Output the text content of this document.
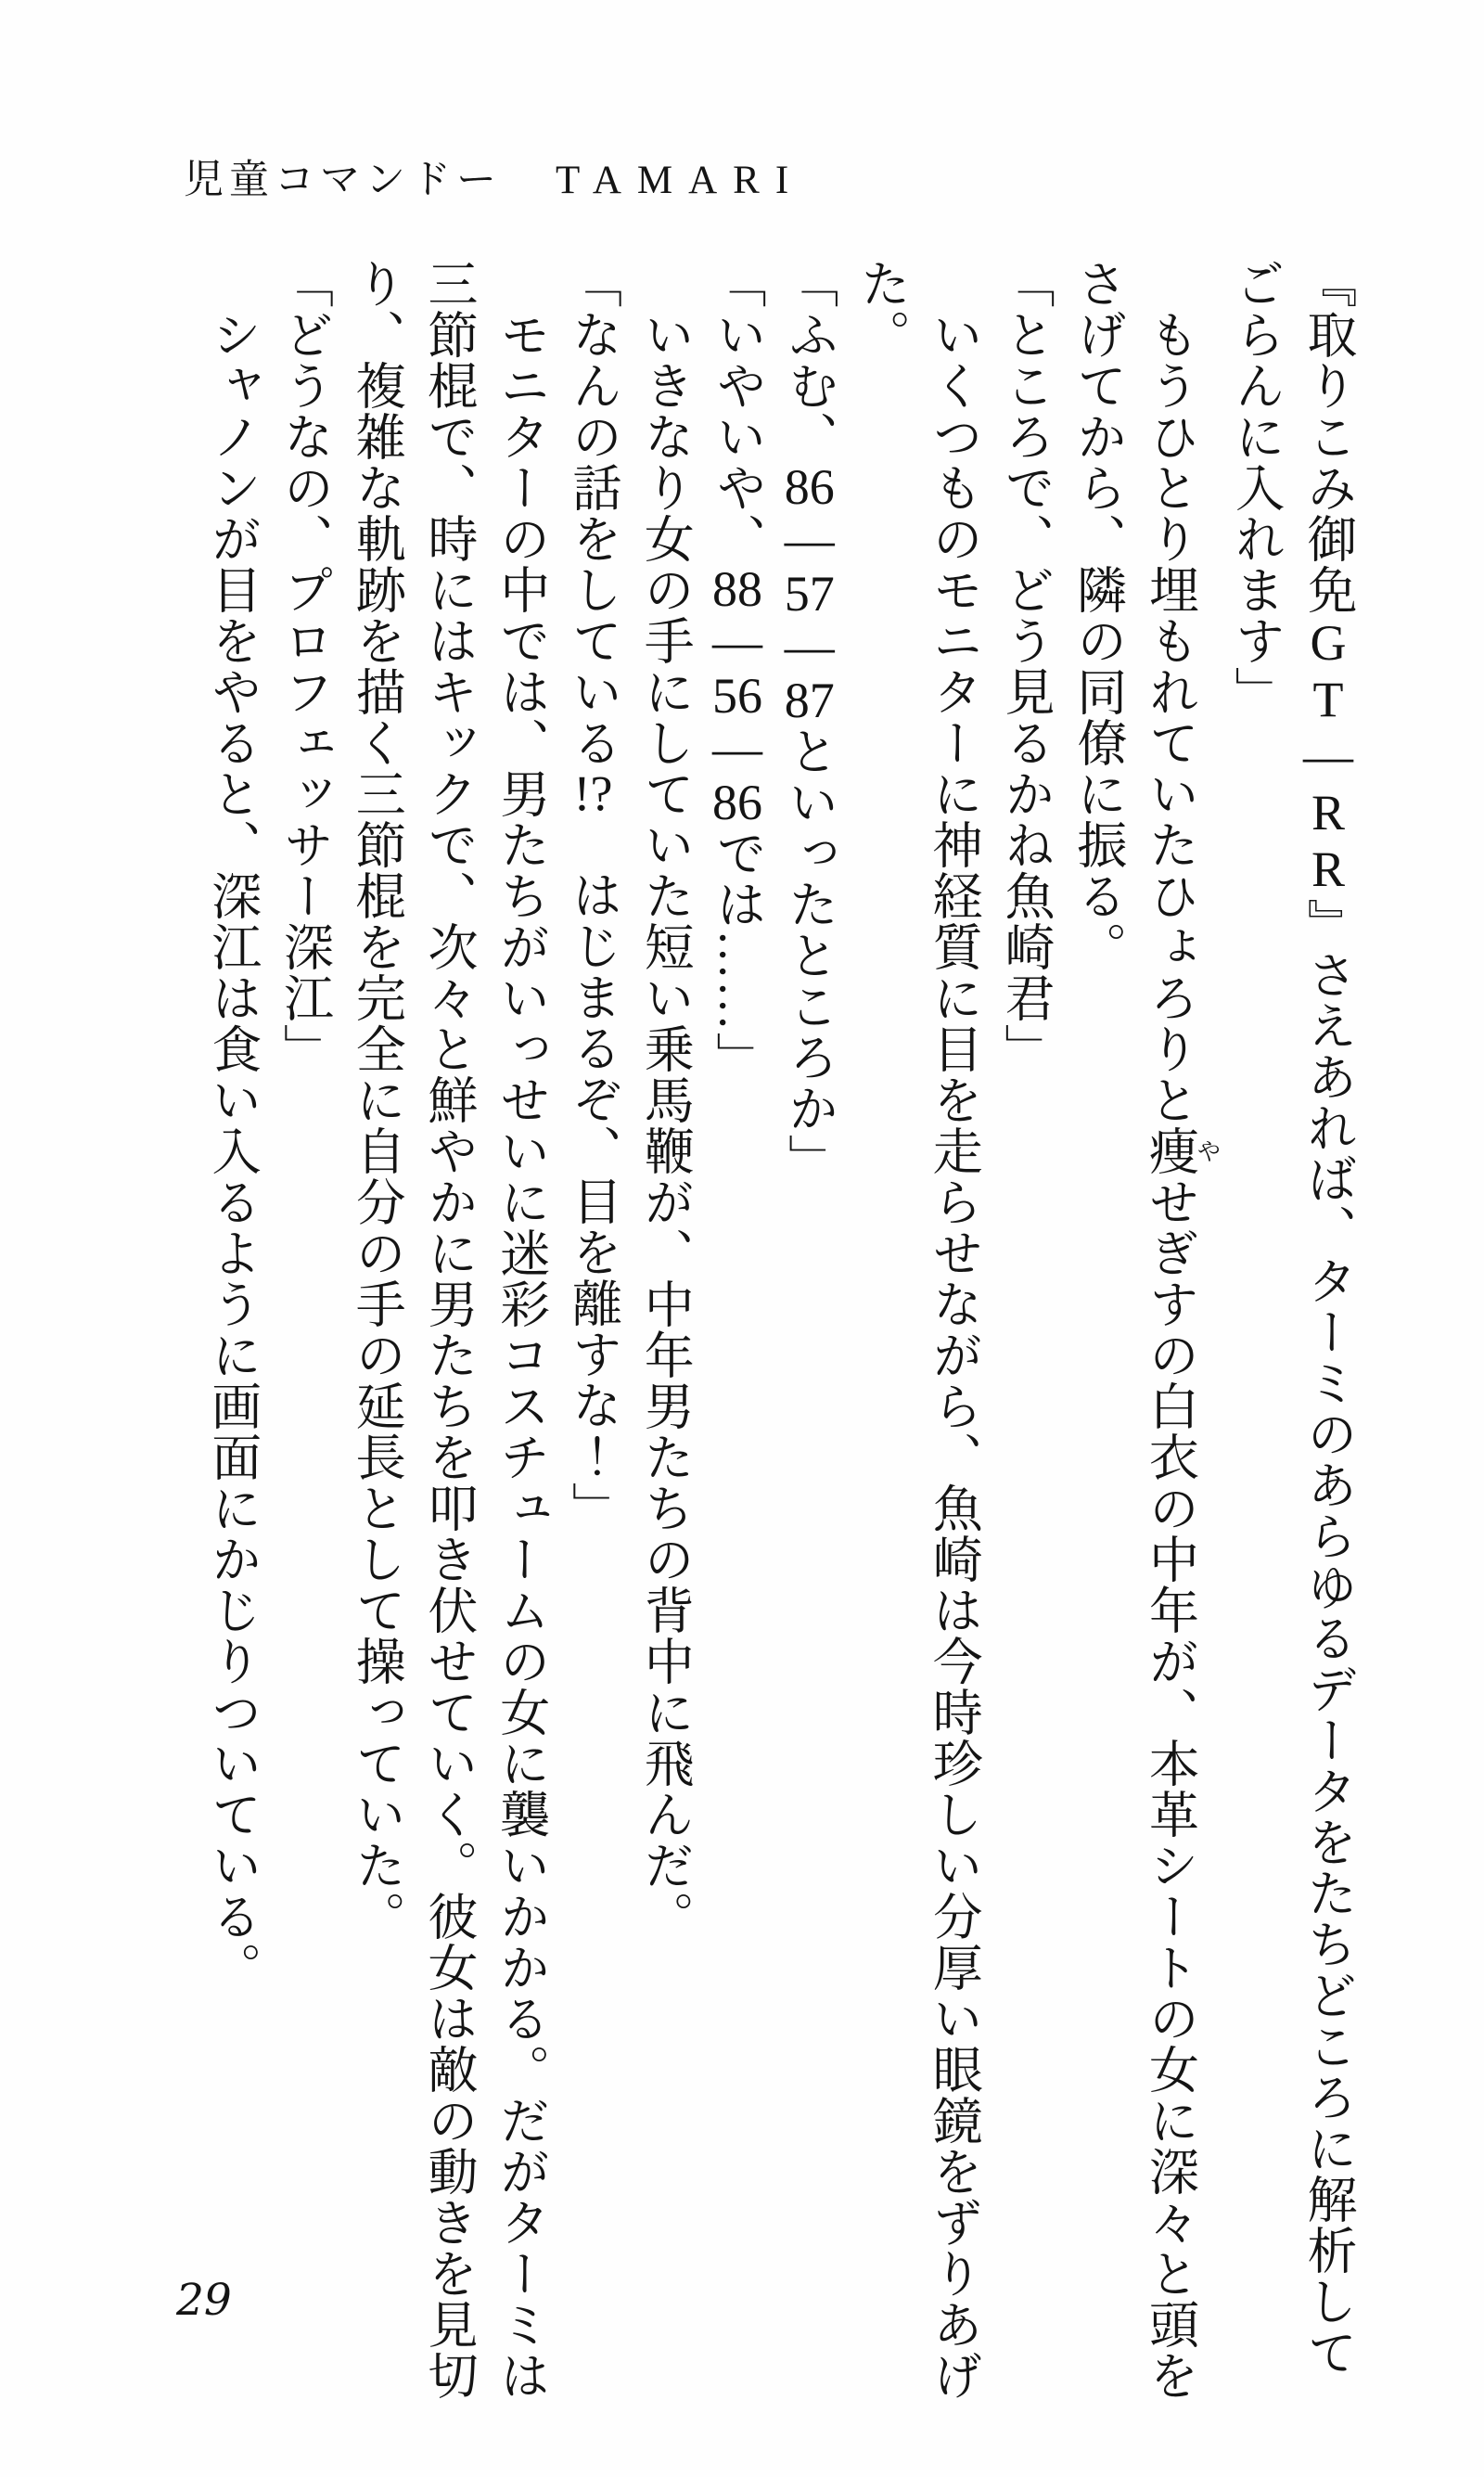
児童コマンドー TAMARI

『取りこみ御免GT—RR』さえあれば、ターミのあらゆるデータをたちどころに解析してごらんに入れます」

もうひとり埋もれていたひょろりと痩やせぎすの白衣の中年が、本革シートの女に深々と頭をさげてから、隣の同僚に振る。

「ところで、どう見るかね魚崎君」

いくつものモニターに神経質に目を走らせながら、魚崎は今時珍しい分厚い眼鏡をずりあげた。

「ふむ、86—57—87といったところか」

「いやいや、88—56—86では……」

いきなり女の手にしていた短い乗馬鞭が、中年男たちの背中に飛んだ。

「なんの話をしている!?　はじまるぞ、目を離すな！」

モニターの中では、男たちがいっせいに迷彩コスチュームの女に襲いかかる。だがターミは三節棍で、時にはキックで、次々と鮮やかに男たちを叩き伏せていく。彼女は敵の動きを見切り、複雑な軌跡を描く三節棍を完全に自分の手の延長として操っていた。

「どうなの、プロフェッサー深江」

シャノンが目をやると、深江は食い入るように画面にかじりついている。

29
